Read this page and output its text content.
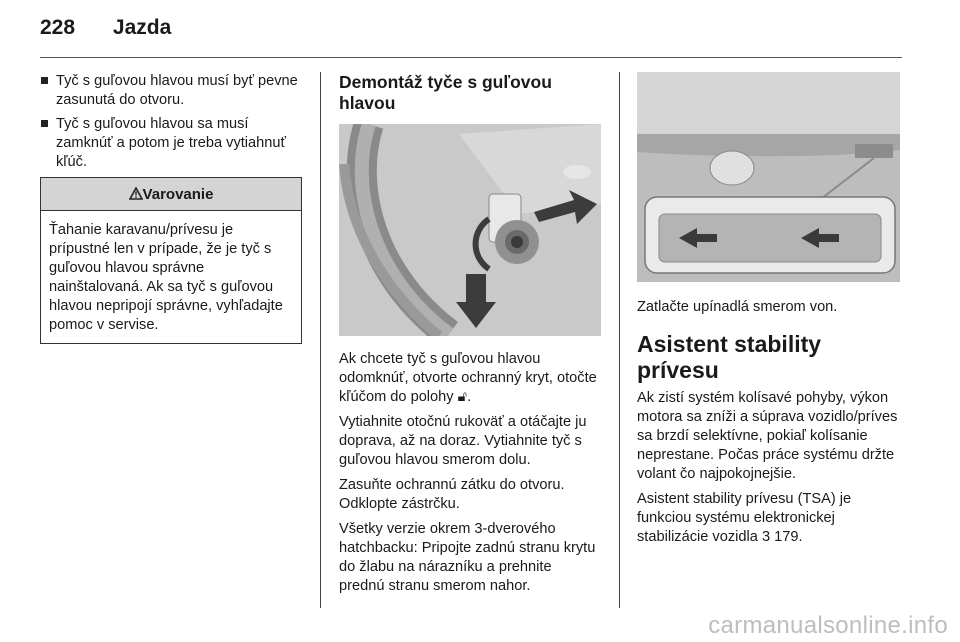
228 Jazda
Tyč s guľovou hlavou musí byť pevne zasunutá do otvoru.
Tyč s guľovou hlavou sa musí zamknúť a potom je treba vytiahnuť kľúč.
Varovanie
Ťahanie karavanu/prívesu je prípustné len v prípade, že je tyč s guľovou hlavou správne nainštalovaná. Ak sa tyč s guľovou hlavou nepripojí správne, vyhľadajte pomoc v servise.
Demontáž tyče s guľovou hlavou

Ak chcete tyč s guľovou hlavou odomknúť, otvorte ochranný kryt, otočte kľúčom do polohy 🔓︎.

Vytiahnite otočnú rukoväť a otáčajte ju doprava, až na doraz. Vytiahnite tyč s guľovou hlavou smerom dolu.

Zasuňte ochrannú zátku do otvoru. Odklopte zástrčku.

Všetky verzie okrem 3-dverového hatchbacku: Pripojte zadnú stranu krytu do žlabu na nárazníku a prehnite prednú stranu smerom nahor.

Zatlačte upínadlá smerom von.

Asistent stability prívesu

Ak zistí systém kolísavé pohyby, výkon motora sa zníži a súprava vozidlo/príves sa brzdí selektívne, pokiaľ kolísanie neprestane. Počas práce systému držte volant čo najpokojnejšie.

Asistent stability prívesu (TSA) je funkciou systému elektronickej stabilizácie vozidla 3 179.

carmanualsonline.info
